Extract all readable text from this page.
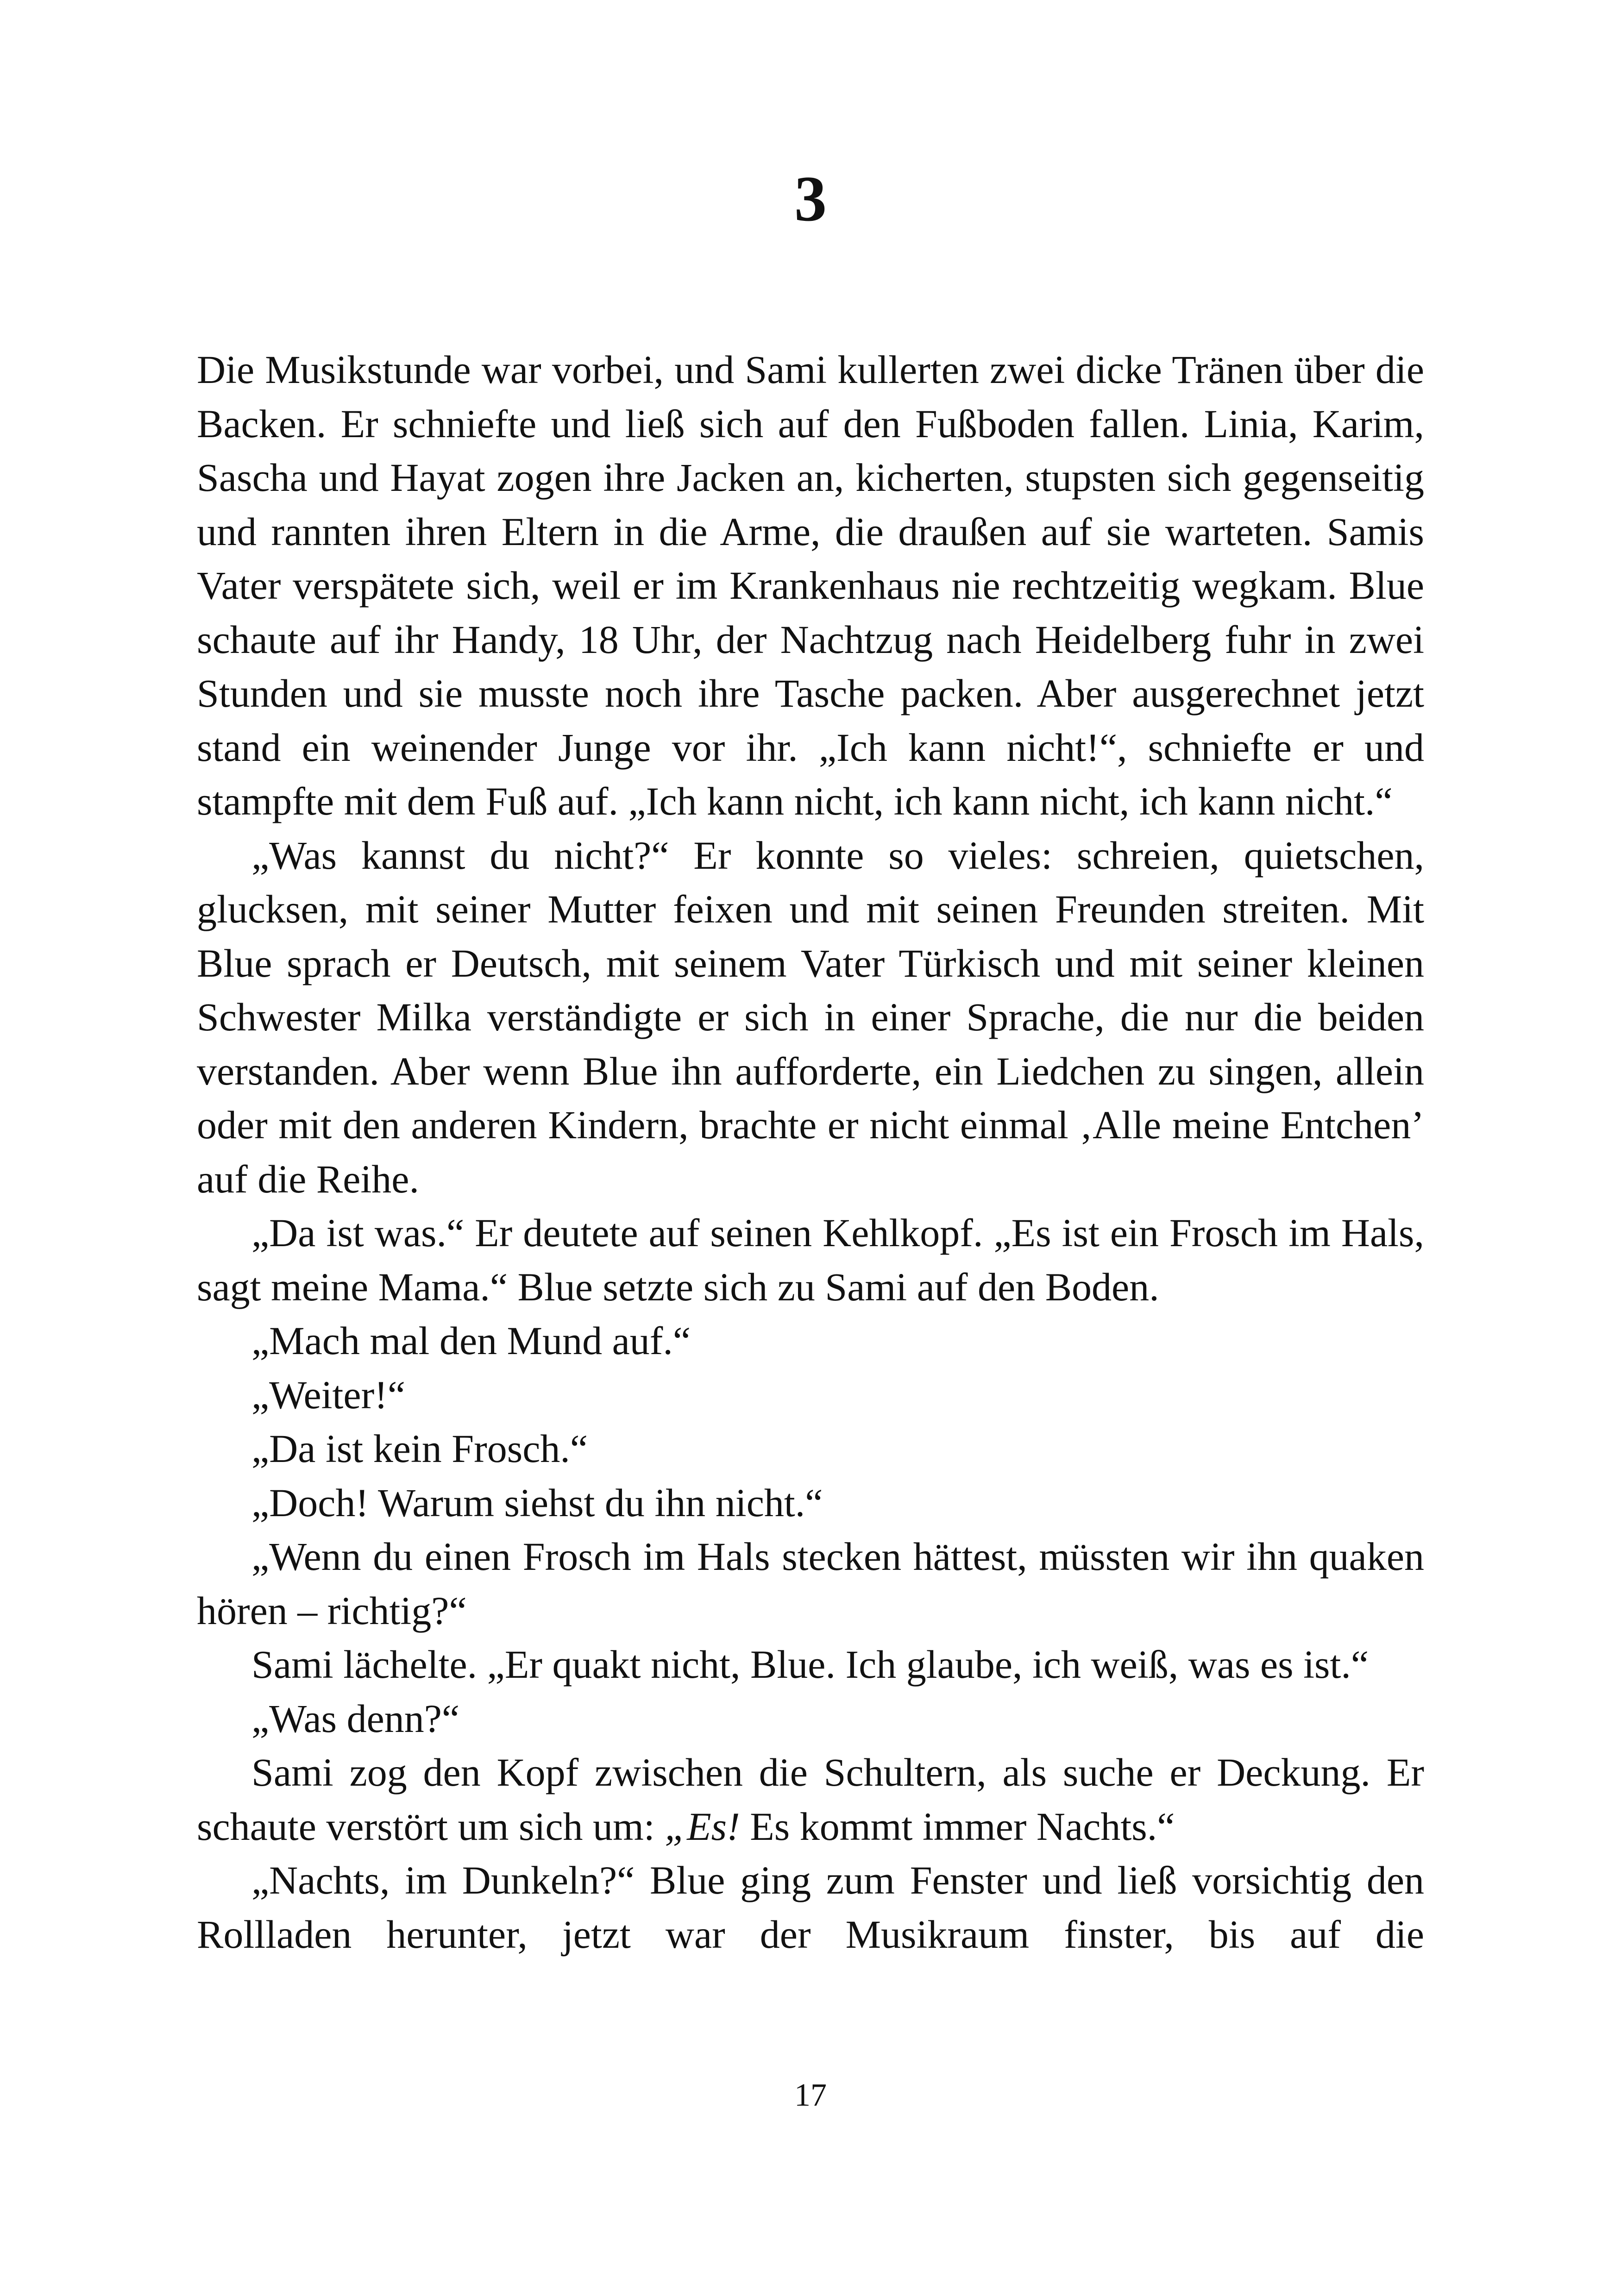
3

Die Musikstunde war vorbei, und Sami kullerten zwei dicke Tränen über die Backen. Er schniefte und ließ sich auf den Fußboden fallen. Linia, Karim, Sascha und Hayat zogen ihre Jacken an, kicherten, stupsten sich gegenseitig und rannten ihren Eltern in die Arme, die draußen auf sie warteten. Samis Vater verspätete sich, weil er im Krankenhaus nie rechtzeitig wegkam. Blue schaute auf ihr Handy, 18 Uhr, der Nachtzug nach Heidelberg fuhr in zwei Stunden und sie musste noch ihre Tasche packen. Aber ausgerechnet jetzt stand ein weinender Junge vor ihr. „Ich kann nicht!“, schniefte er und stampfte mit dem Fuß auf. „Ich kann nicht, ich kann nicht, ich kann nicht.“

„Was kannst du nicht?“ Er konnte so vieles: schreien, quietschen, glucksen, mit seiner Mutter feixen und mit seinen Freunden streiten. Mit Blue sprach er Deutsch, mit seinem Vater Türkisch und mit seiner kleinen Schwester Milka verständigte er sich in einer Sprache, die nur die beiden verstanden. Aber wenn Blue ihn aufforderte, ein Liedchen zu singen, allein oder mit den anderen Kindern, brachte er nicht einmal ‚Alle meine Entchen’ auf die Reihe.

„Da ist was.“ Er deutete auf seinen Kehlkopf. „Es ist ein Frosch im Hals, sagt meine Mama.“ Blue setzte sich zu Sami auf den Boden.

„Mach mal den Mund auf.“

„Weiter!“

„Da ist kein Frosch.“

„Doch! Warum siehst du ihn nicht.“

„Wenn du einen Frosch im Hals stecken hättest, müssten wir ihn quaken hören – richtig?“

Sami lächelte. „Er quakt nicht, Blue. Ich glaube, ich weiß, was es ist.“

„Was denn?“

Sami zog den Kopf zwischen die Schultern, als suche er Deckung. Er schaute verstört um sich um: „Es! Es kommt immer Nachts.“

„Nachts, im Dunkeln?“ Blue ging zum Fenster und ließ vorsichtig den Rollladen herunter, jetzt war der Musikraum finster, bis auf die

17
